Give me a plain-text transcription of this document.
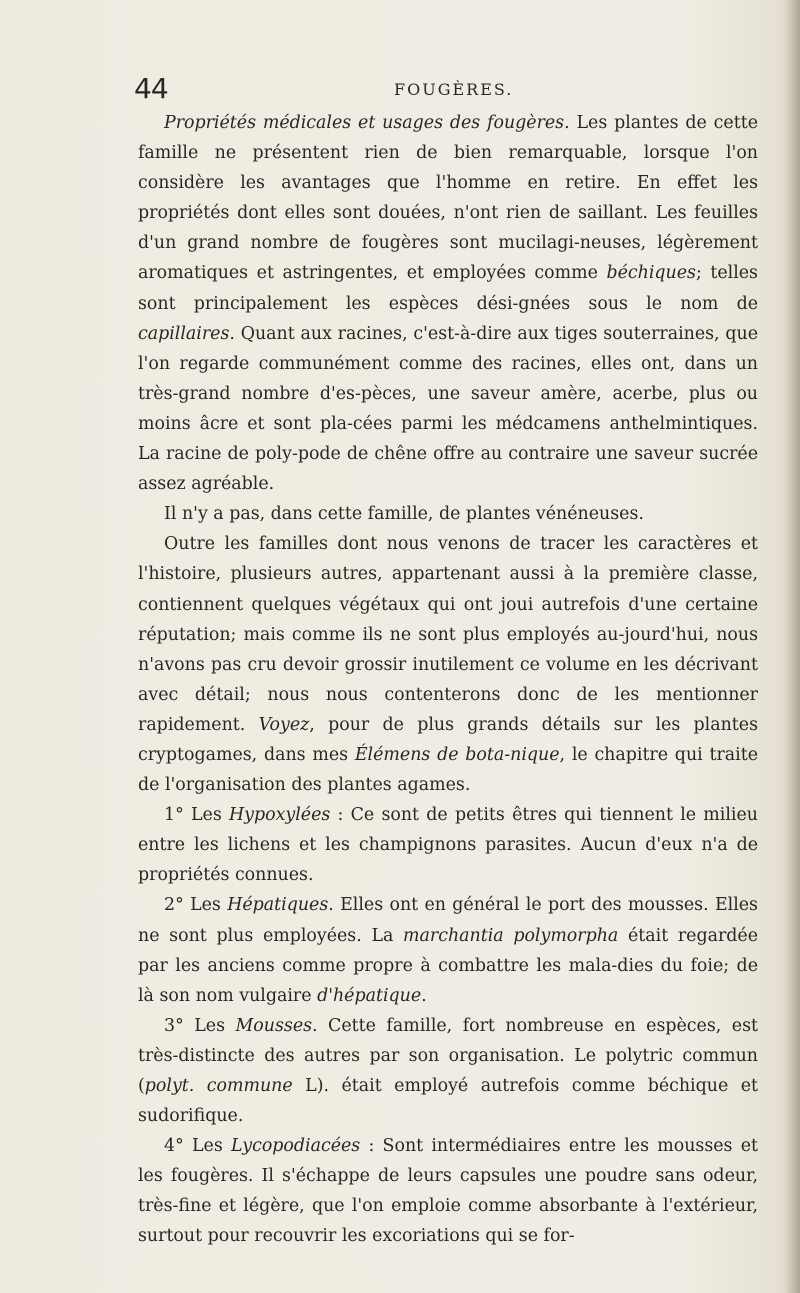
44	FOUGÈRES.

Propriétés médicales et usages des fougères. Les plantes de cette famille ne présentent rien de bien remarquable, lorsque l'on considère les avantages que l'homme en retire. En effet les propriétés dont elles sont douées, n'ont rien de saillant. Les feuilles d'un grand nombre de fougères sont mucilagi-neuses, légèrement aromatiques et astringentes, et employées comme béchiques; telles sont principalement les espèces dési-gnées sous le nom de capillaires. Quant aux racines, c'est-à-dire aux tiges souterraines, que l'on regarde communément comme des racines, elles ont, dans un très-grand nombre d'es-pèces, une saveur amère, acerbe, plus ou moins âcre et sont pla-cées parmi les médcamens anthelmintiques. La racine de poly-pode de chêne offre au contraire une saveur sucrée assez agréable.

Il n'y a pas, dans cette famille, de plantes vénéneuses.

Outre les familles dont nous venons de tracer les caractères et l'histoire, plusieurs autres, appartenant aussi à la première classe, contiennent quelques végétaux qui ont joui autrefois d'une certaine réputation; mais comme ils ne sont plus employés au-jourd'hui, nous n'avons pas cru devoir grossir inutilement ce volume en les décrivant avec détail; nous nous contenterons donc de les mentionner rapidement. Voyez, pour de plus grands détails sur les plantes cryptogames, dans mes Élémens de bota-nique, le chapitre qui traite de l'organisation des plantes agames.

1° Les Hypoxylées : Ce sont de petits êtres qui tiennent le milieu entre les lichens et les champignons parasites. Aucun d'eux n'a de propriétés connues.

2° Les Hépatiques. Elles ont en général le port des mousses. Elles ne sont plus employées. La marchantia polymorpha était regardée par les anciens comme propre à combattre les mala-dies du foie; de là son nom vulgaire d'hépatique.

3° Les Mousses. Cette famille, fort nombreuse en espèces, est très-distincte des autres par son organisation. Le polytric commun (polyt. commune L). était employé autrefois comme béchique et sudorifique.

4° Les Lycopodiacées : Sont intermédiaires entre les mousses et les fougères. Il s'échappe de leurs capsules une poudre sans odeur, très-fine et légère, que l'on emploie comme absorbante à l'extérieur, surtout pour recouvrir les excoriations qui se for-
